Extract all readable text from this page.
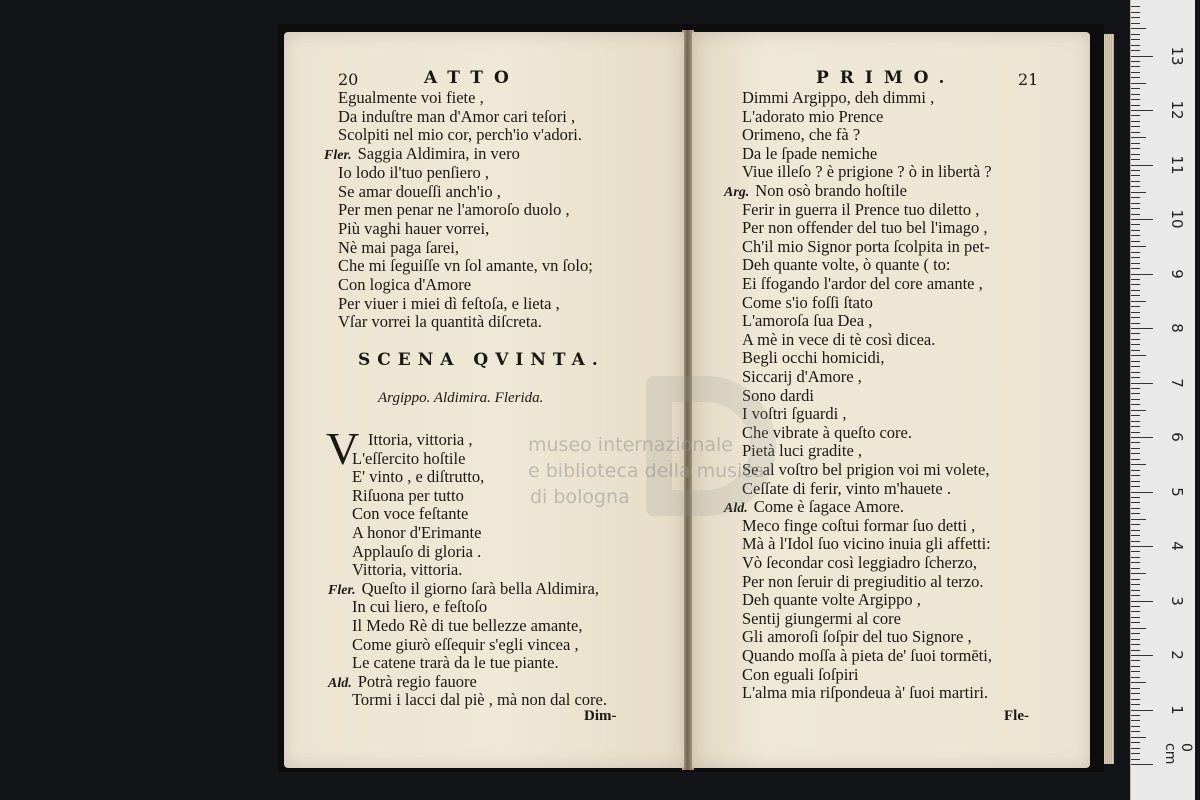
20	ATTO
Egualmente voi fiete ,
Da induſtre man d'Amor cari teſori ,
Scolpiti nel mio cor, perch'io v'adori.
Fler. Saggia Aldimira, in vero
Io lodo il'tuo penſiero ,
Se amar doueſſi anch'io ,
Per men penar ne l'amoroſo duolo ,
Più vaghi hauer vorrei,
Nè mai paga ſarei,
Che mi ſeguiſſe vn ſol amante, vn ſolo;
Con logica d'Amore
Per viuer i miei dì feſtoſa, e lieta ,
Vſar vorrei la quantità diſcreta.
SCENA QVINTA.
Argippo. Aldimira. Flerida.
V Ittoria, vittoria ,
L'eſſercito hoſtile
E' vinto , e diſtrutto,
Riſuona per tutto
Con voce feſtante
A honor d'Erimante
Applauſo di gloria .
Vittoria, vittoria.
Fler. Queſto il giorno ſarà bella Aldimira,
In cui liero, e feſtoſo
Il Medo Rè di tue bellezze amante,
Come giurò eſſequir s'egli vincea ,
Le catene trarà da le tue piante.
Ald. Potrà regio fauore
Tormi i lacci dal piè , mà non dal core.
Dim-
PRIMO.	21
Dimmi Argippo, deh dimmi ,
L'adorato mio Prence
Orimeno, che fà ?
Da le ſpade nemiche
Viue illeſo ? è prigione ? ò in libertà ?
Arg. Non osò brando hoſtile
Ferir in guerra il Prence tuo diletto ,
Per non offender del tuo bel l'imago ,
Ch'il mio Signor porta ſcolpita in pet-
Deh quante volte, ò quante ( to:
Ei ſfogando l'ardor del core amante ,
Come s'io foſſi ſtato
L'amoroſa ſua Dea ,
A mè in vece di tè così dicea.
Begli occhi homicidi,
Siccarij d'Amore ,
Sono dardi
I voſtri ſguardi ,
Che vibrate à queſto core.
Pietà luci gradite ,
Se al voſtro bel prigion voi mi volete,
Ceſſate di ferir, vinto m'hauete .
Ald. Come è ſagace Amore.
Meco finge coſtui formar ſuo detti ,
Mà à l'Idol ſuo vicino inuia gli affetti:
Vò ſecondar così leggiadro ſcherzo,
Per non ſeruir di pregiuditio al terzo.
Deh quante volte Argippo ,
Sentij giungermi al core
Gli amoroſi ſoſpir del tuo Signore ,
Quando moſſa à pieta de' ſuoi tormēti,
Con eguali ſoſpiri
L'alma mia riſpondeua à' ſuoi martiri.
Fle-
museo internazionale
e biblioteca della musica
di bologna
0 cm
1
2
3
4
5
6
7
8
9
10
11
12
13
